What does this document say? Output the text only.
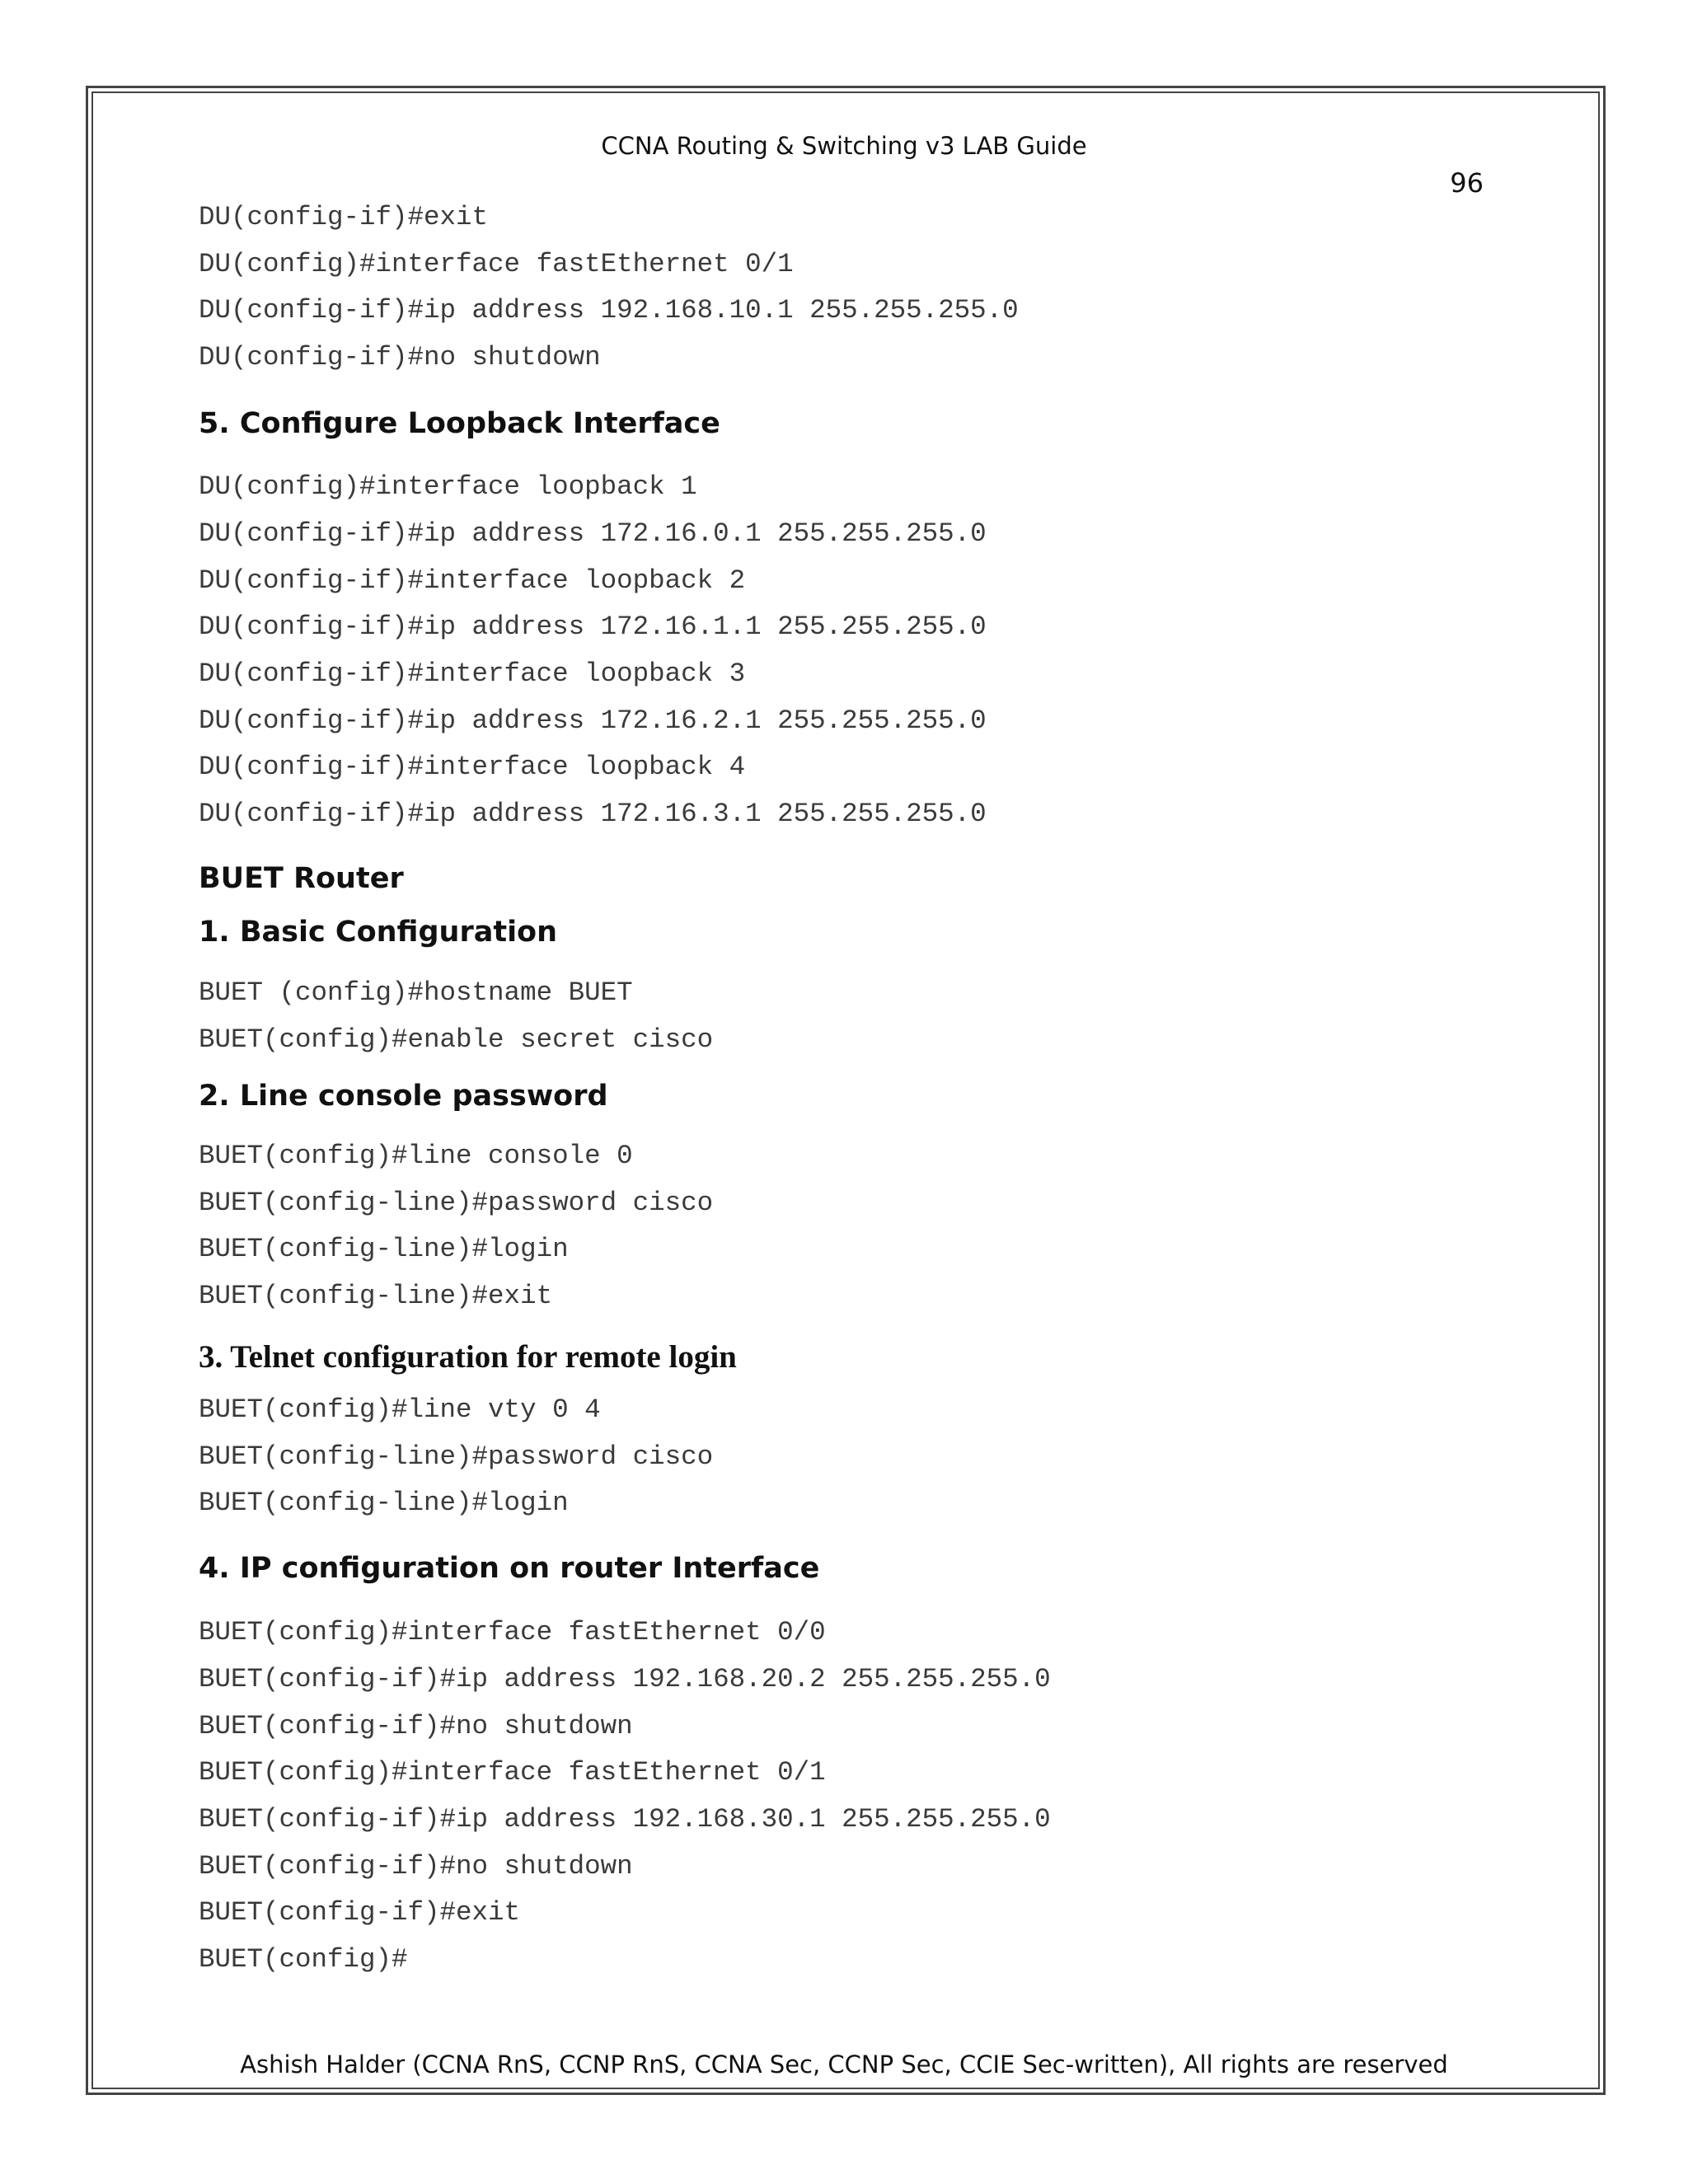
CCNA Routing & Switching v3 LAB Guide
96

DU(config-if)#exit

DU(config)#interface fastEthernet 0/1

DU(config-if)#ip address 192.168.10.1 255.255.255.0

DU(config-if)#no shutdown

5. Configure Loopback Interface

DU(config)#interface loopback 1

DU(config-if)#ip address 172.16.0.1 255.255.255.0

DU(config-if)#interface loopback 2

DU(config-if)#ip address 172.16.1.1 255.255.255.0

DU(config-if)#interface loopback 3

DU(config-if)#ip address 172.16.2.1 255.255.255.0

DU(config-if)#interface loopback 4

DU(config-if)#ip address 172.16.3.1 255.255.255.0

BUET Router

1. Basic Configuration

BUET (config)#hostname BUET

BUET(config)#enable secret cisco

2. Line console password

BUET(config)#line console 0

BUET(config-line)#password cisco

BUET(config-line)#login

BUET(config-line)#exit

3. Telnet configuration for remote login

BUET(config)#line vty 0 4

BUET(config-line)#password cisco

BUET(config-line)#login

4. IP configuration on router Interface

BUET(config)#interface fastEthernet 0/0

BUET(config-if)#ip address 192.168.20.2 255.255.255.0

BUET(config-if)#no shutdown

BUET(config)#interface fastEthernet 0/1

BUET(config-if)#ip address 192.168.30.1 255.255.255.0

BUET(config-if)#no shutdown

BUET(config-if)#exit

BUET(config)#

Ashish Halder (CCNA RnS, CCNP RnS, CCNA Sec, CCNP Sec, CCIE Sec-written), All rights are reserved
